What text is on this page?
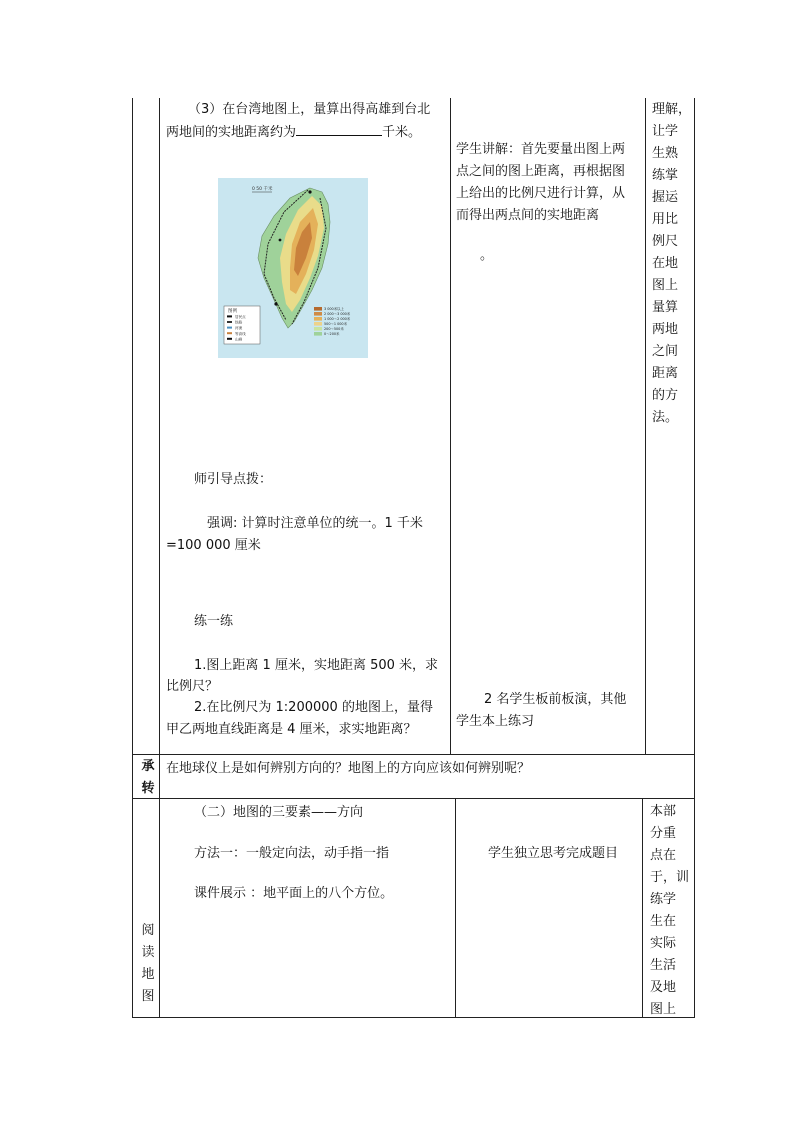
（3）在台湾地图上，量算出得高雄到台北
两地间的实地距离约为	千米。
0 50 千米
图例
居民点
铁路
河流
等高线
山峰
3 000米以上
2 000～3 000米
1 000～2 000米
500～1 000米
200～500米
0～200米
师引导点拨：
强调: 计算时注意单位的统一。1 千米
=100 000 厘米
练一练
1.图上距离 1 厘米，实地距离 500 米，求
比例尺？
2.在比例尺为 1:200000 的地图上，量得
甲乙两地直线距离是 4 厘米，求实地距离？
学生讲解：首先要量出图上两
点之间的图上距离，再根据图
上给出的比例尺进行计算，从
而得出两点间的实地距离
。
2 名学生板前板演，其他
学生本上练习
理解，
让学
生熟
练掌
握运
用比
例尺
在地
图上
量算
两地
之间
距离
的方
法。
承
转
在地球仪上是如何辨别方向的？地图上的方向应该如何辨别呢？
阅
读
地
图
（二）地图的三要素——方向
方法一：一般定向法，动手指一指
课件展示 ：地平面上的八个方位。
学生独立思考完成题目
本部
分重
点在
于，训
练学
生在
实际
生活
及地
图上
